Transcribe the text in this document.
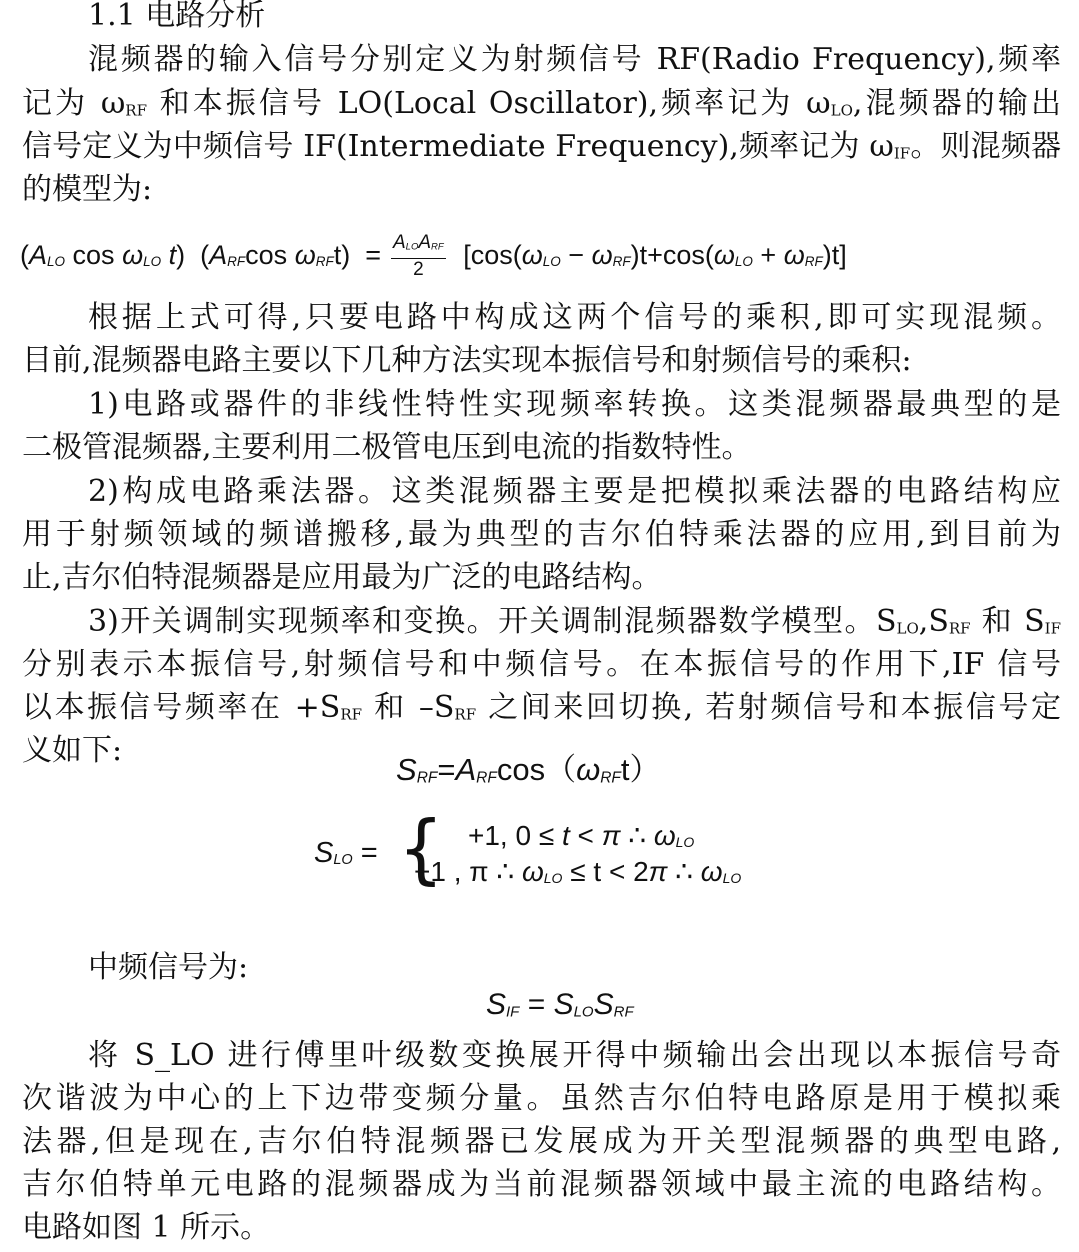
1.1 电路分析
混频器的输入信号分别定义为射频信号 RF(Radio Frequency),频率
记为 $\omega_{RF}$ 和本振信号 LO(Local Oscillator),频率记为 $\omega_{LO}$,混频器的输出
信号定义为中频信号 IF(Intermediate Frequency),频率记为 $\omega_{IF}$。则混频器
的模型为:
($A_{LO}$ $\cos \omega_{LO}$ t)  ($A_{RF}\cos$ $\omega_{RF}t) = \frac{A_{LO}A_{RF}}{2} [\cos(\omega_{LO} - \omega_{RF})t+\cos(\omega_{LO} + \omega_{RF})t]$
根据上式可得,只要电路中构成这两个信号的乘积,即可实现混频。
目前,混频器电路主要以下几种方法实现本振信号和射频信号的乘积:
1)电路或器件的非线性特性实现频率转换。这类混频器最典型的是
二极管混频器,主要利用二极管电压到电流的指数特性。
2)构成电路乘法器。这类混频器主要是把模拟乘法器的电路结构应
用于射频领域的频谱搬移,最为典型的吉尔伯特乘法器的应用,到目前为
止,吉尔伯特混频器是应用最为广泛的电路结构。
3)开关调制实现频率和变换。开关调制混频器数学模型。$S_{LO},S_{RF}$ 和 $S_{IF}$
分别表示本振信号,射频信号和中频信号。在本振信号的作用下,IF 信号
以本振信号频率在 $+S_{RF}$ 和 $-S_{RF}$ 之间来回切换, 若射频信号和本振信号定
义如下:
$S_{RF}=A_{RF}\cos(\omega_{RF}t)$
$S_{LO}$ = { +1, 0 ≤ t < π ∴ $\omega_{LO}$
−1 , π ∴ $\omega_{LO} \le t < 2\pi$ ∴ $\omega_{LO}$
中频信号为:
$S_{IF} = S_{LO}S_{RF}$
将 S_LO 进行傅里叶级数变换展开得中频输出会出现以本振信号奇
次谐波为中心的上下边带变频分量。虽然吉尔伯特电路原是用于模拟乘
法器,但是现在,吉尔伯特混频器已发展成为开关型混频器的典型电路,
吉尔伯特单元电路的混频器成为当前混频器领域中最主流的电路结构。
电路如图 1 所示。
